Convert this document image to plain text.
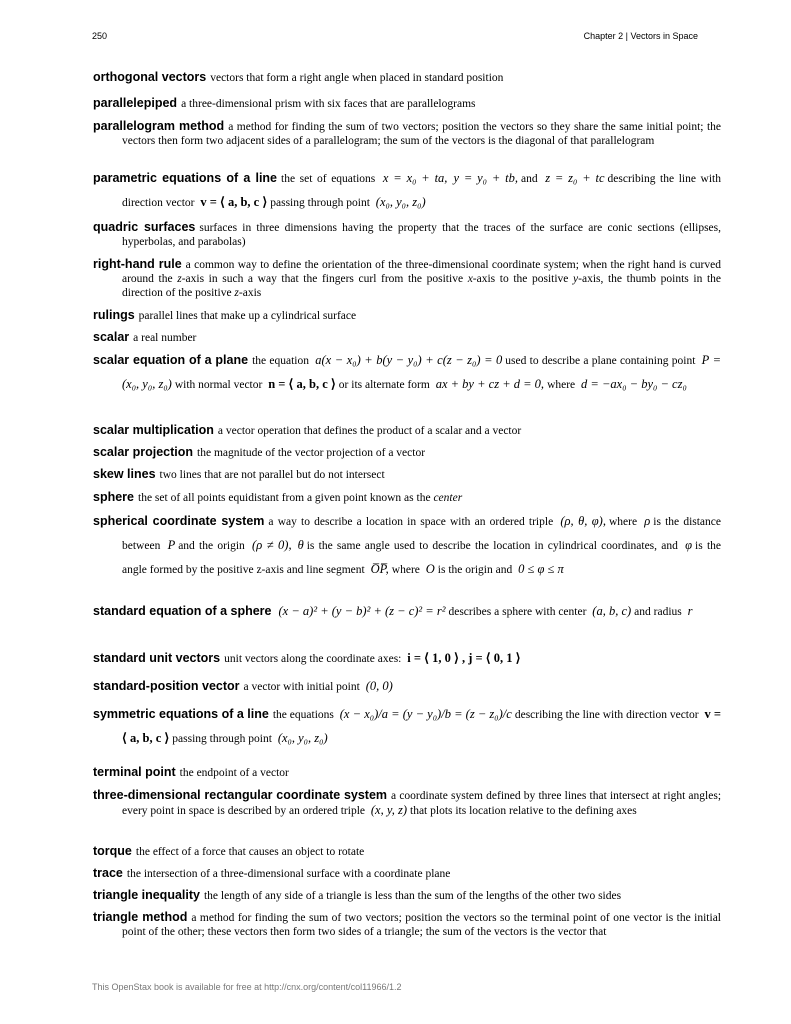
250	Chapter 2 | Vectors in Space
orthogonal vectors vectors that form a right angle when placed in standard position
parallelepiped a three-dimensional prism with six faces that are parallelograms
parallelogram method a method for finding the sum of two vectors; position the vectors so they share the same initial point; the vectors then form two adjacent sides of a parallelogram; the sum of the vectors is the diagonal of that parallelogram
parametric equations of a line the set of equations x = x₀ + ta, y = y₀ + tb, and z = z₀ + tc describing the line with direction vector v = ⟨ a, b, c ⟩ passing through point (x₀, y₀, z₀)
quadric surfaces surfaces in three dimensions having the property that the traces of the surface are conic sections (ellipses, hyperbolas, and parabolas)
right-hand rule a common way to define the orientation of the three-dimensional coordinate system; when the right hand is curved around the z-axis in such a way that the fingers curl from the positive x-axis to the positive y-axis, the thumb points in the direction of the positive z-axis
rulings parallel lines that make up a cylindrical surface
scalar a real number
scalar equation of a plane the equation a(x − x₀) + b(y − y₀) + c(z − z₀) = 0 used to describe a plane containing point P = (x₀, y₀, z₀) with normal vector n = ⟨ a, b, c ⟩ or its alternate form ax + by + cz + d = 0, where d = −ax₀ − by₀ − cz₀
scalar multiplication a vector operation that defines the product of a scalar and a vector
scalar projection the magnitude of the vector projection of a vector
skew lines two lines that are not parallel but do not intersect
sphere the set of all points equidistant from a given point known as the center
spherical coordinate system a way to describe a location in space with an ordered triple (ρ, θ, φ), where ρ is the distance between P and the origin (ρ ≠ 0), θ is the same angle used to describe the location in cylindrical coordinates, and φ is the angle formed by the positive z-axis and line segment O̅P̅, where O is the origin and 0 ≤ φ ≤ π
standard equation of a sphere (x − a)² + (y − b)² + (z − c)² = r² describes a sphere with center (a, b, c) and radius r
standard unit vectors unit vectors along the coordinate axes: i = ⟨ 1, 0 ⟩ , j = ⟨ 0, 1 ⟩
standard-position vector a vector with initial point (0, 0)
symmetric equations of a line the equations (x − x₀)/a = (y − y₀)/b = (z − z₀)/c describing the line with direction vector v = ⟨ a, b, c ⟩ passing through point (x₀, y₀, z₀)
terminal point the endpoint of a vector
three-dimensional rectangular coordinate system a coordinate system defined by three lines that intersect at right angles; every point in space is described by an ordered triple (x, y, z) that plots its location relative to the defining axes
torque the effect of a force that causes an object to rotate
trace the intersection of a three-dimensional surface with a coordinate plane
triangle inequality the length of any side of a triangle is less than the sum of the lengths of the other two sides
triangle method a method for finding the sum of two vectors; position the vectors so the terminal point of one vector is the initial point of the other; these vectors then form two sides of a triangle; the sum of the vectors is the vector that
This OpenStax book is available for free at http://cnx.org/content/col11966/1.2
